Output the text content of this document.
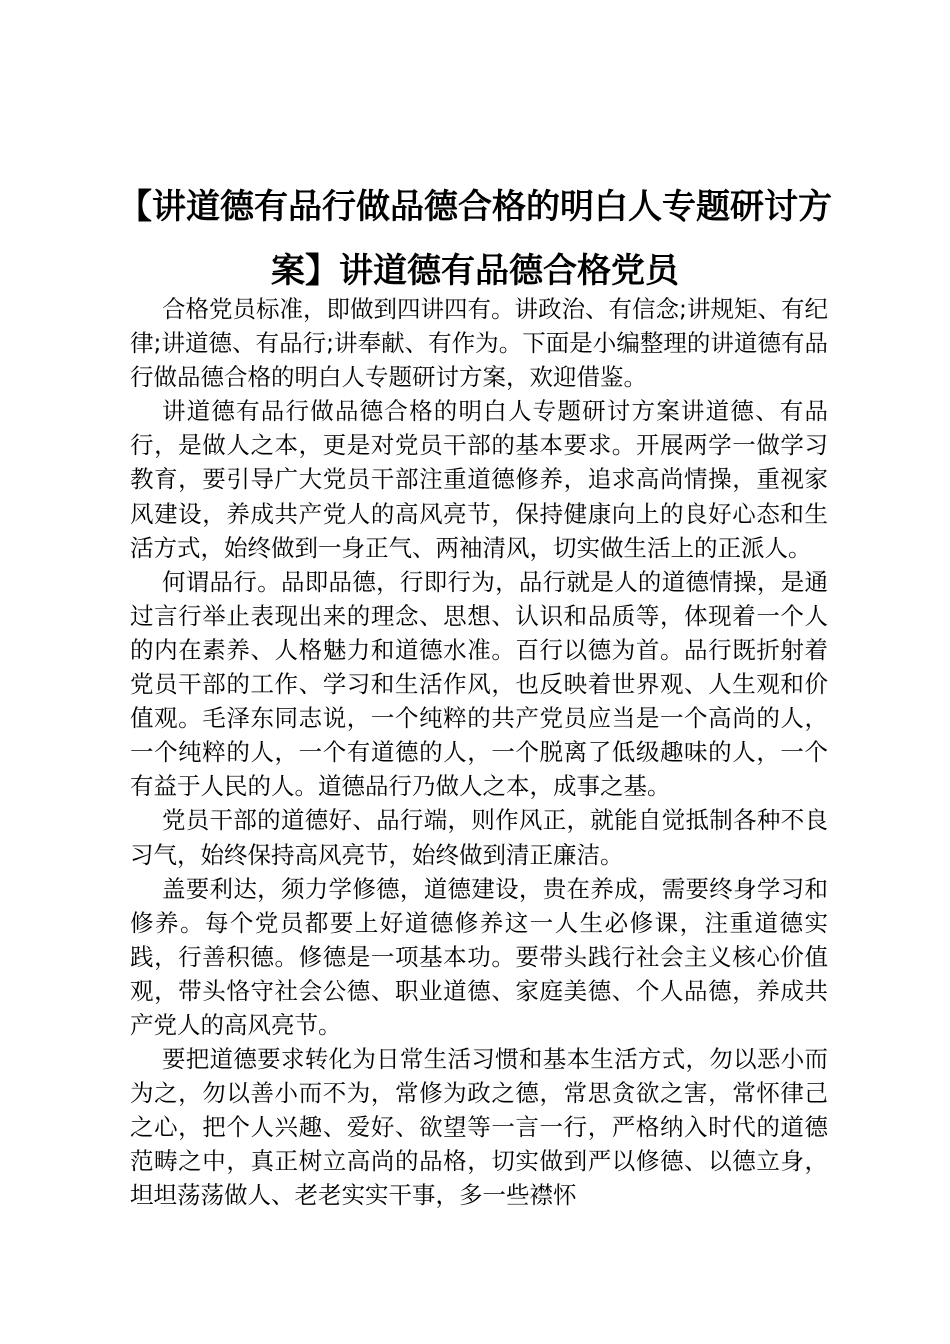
【讲道德有品行做品德合格的明白人专题研讨方案】讲道德有品德合格党员

合格党员标准，即做到四讲四有。讲政治、有信念;讲规矩、有纪律;讲道德、有品行;讲奉献、有作为。下面是小编整理的讲道德有品行做品德合格的明白人专题研讨方案，欢迎借鉴。

讲道德有品行做品德合格的明白人专题研讨方案讲道德、有品行，是做人之本，更是对党员干部的基本要求。开展两学一做学习教育，要引导广大党员干部注重道德修养，追求高尚情操，重视家风建设，养成共产党人的高风亮节，保持健康向上的良好心态和生活方式，始终做到一身正气、两袖清风，切实做生活上的正派人。

何谓品行。品即品德，行即行为，品行就是人的道德情操，是通过言行举止表现出来的理念、思想、认识和品质等，体现着一个人的内在素养、人格魅力和道德水准。百行以德为首。品行既折射着党员干部的工作、学习和生活作风，也反映着世界观、人生观和价值观。毛泽东同志说，一个纯粹的共产党员应当是一个高尚的人，一个纯粹的人，一个有道德的人，一个脱离了低级趣味的人，一个有益于人民的人。道德品行乃做人之本，成事之基。

党员干部的道德好、品行端，则作风正，就能自觉抵制各种不良习气，始终保持高风亮节，始终做到清正廉洁。

盖要利达，须力学修德，道德建设，贵在养成，需要终身学习和修养。每个党员都要上好道德修养这一人生必修课，注重道德实践，行善积德。修德是一项基本功。要带头践行社会主义核心价值观，带头恪守社会公德、职业道德、家庭美德、个人品德，养成共产党人的高风亮节。

要把道德要求转化为日常生活习惯和基本生活方式，勿以恶小而为之，勿以善小而不为，常修为政之德，常思贪欲之害，常怀律己之心，把个人兴趣、爱好、欲望等一言一行，严格纳入时代的道德范畴之中，真正树立高尚的品格，切实做到严以修德、以德立身，坦坦荡荡做人、老老实实干事，多一些襟怀
